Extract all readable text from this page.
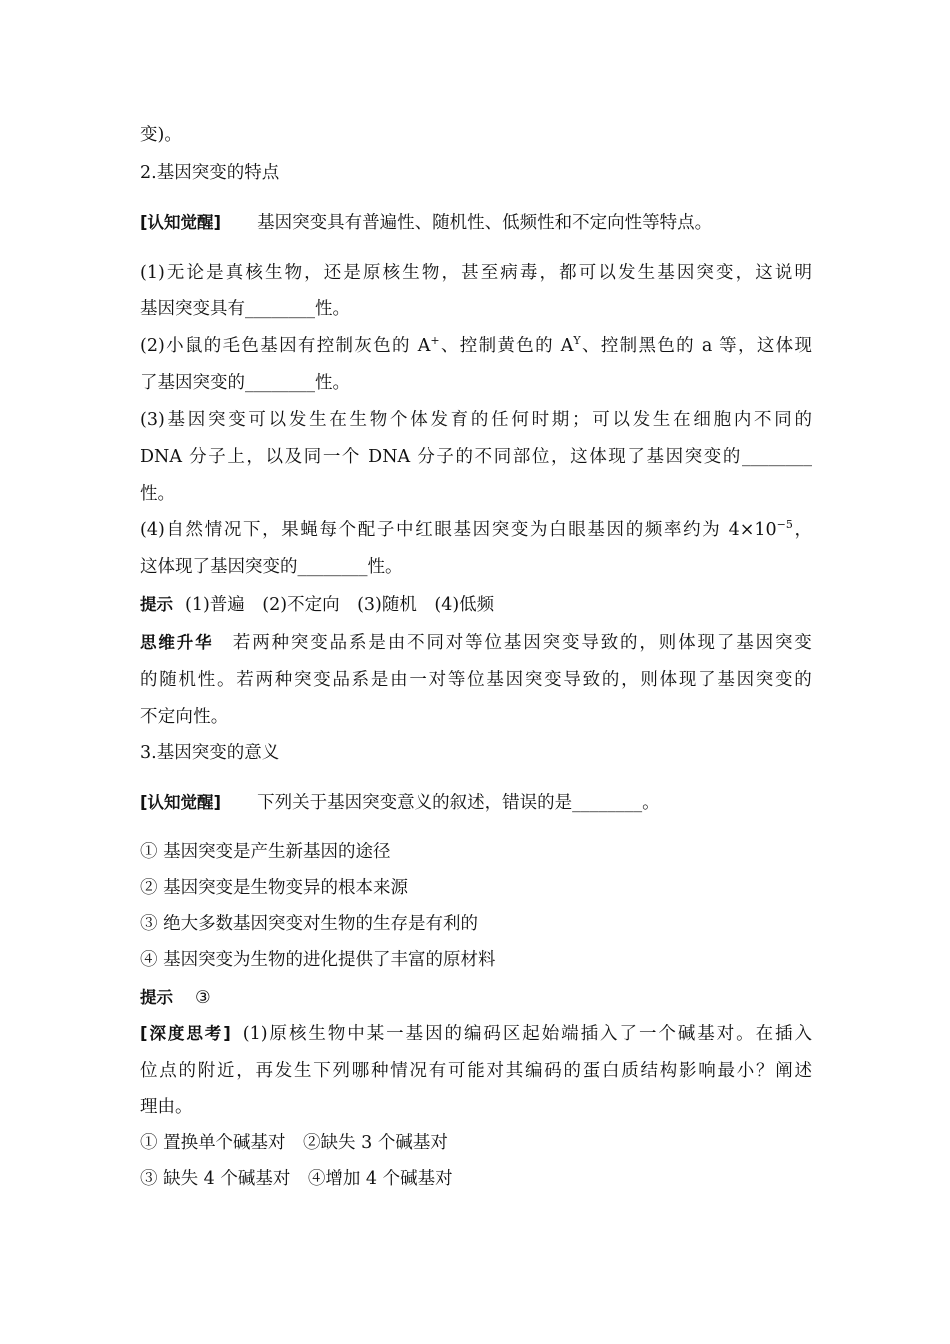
变)。
2.基因突变的特点
[认知觉醒] 基因突变具有普遍性、随机性、低频性和不定向性等特点。
(1)无论是真核生物，还是原核生物，甚至病毒，都可以发生基因突变，这说明
基因突变具有________性。
(2)小鼠的毛色基因有控制灰色的 A+、控制黄色的 $A^Y$、控制黑色的 a 等，这体现
了基因突变的________性。
(3)基因突变可以发生在生物个体发育的任何时期；可以发生在细胞内不同的
DNA 分子上，以及同一个 DNA 分子的不同部位，这体现了基因突变的________
性。
(4)自然情况下，果蝇每个配子中红眼基因突变为白眼基因的频率约为 $4\times 10^{-5}$，
这体现了基因突变的________性。
提示 (1)普遍　(2)不定向　(3)随机　(4)低频
思维升华　 若两种突变品系是由不同对等位基因突变导致的，则体现了基因突变
的随机性。若两种突变品系是由一对等位基因突变导致的，则体现了基因突变的
不定向性。
3.基因突变的意义
[认知觉醒] 下列关于基因突变意义的叙述，错误的是________。
① 基因突变是产生新基因的途径
② 基因突变是生物变异的根本来源
③ 绝大多数基因突变对生物的生存是有利的
④ 基因突变为生物的进化提供了丰富的原材料
提示 ③
[深度思考] (1)原核生物中某一基因的编码区起始端插入了一个碱基对。在插入
位点的附近，再发生下列哪种情况有可能对其编码的蛋白质结构影响最小？阐述
理由。
① 置换单个碱基对　②缺失 3 个碱基对
③ 缺失 4 个碱基对　④增加 4 个碱基对
